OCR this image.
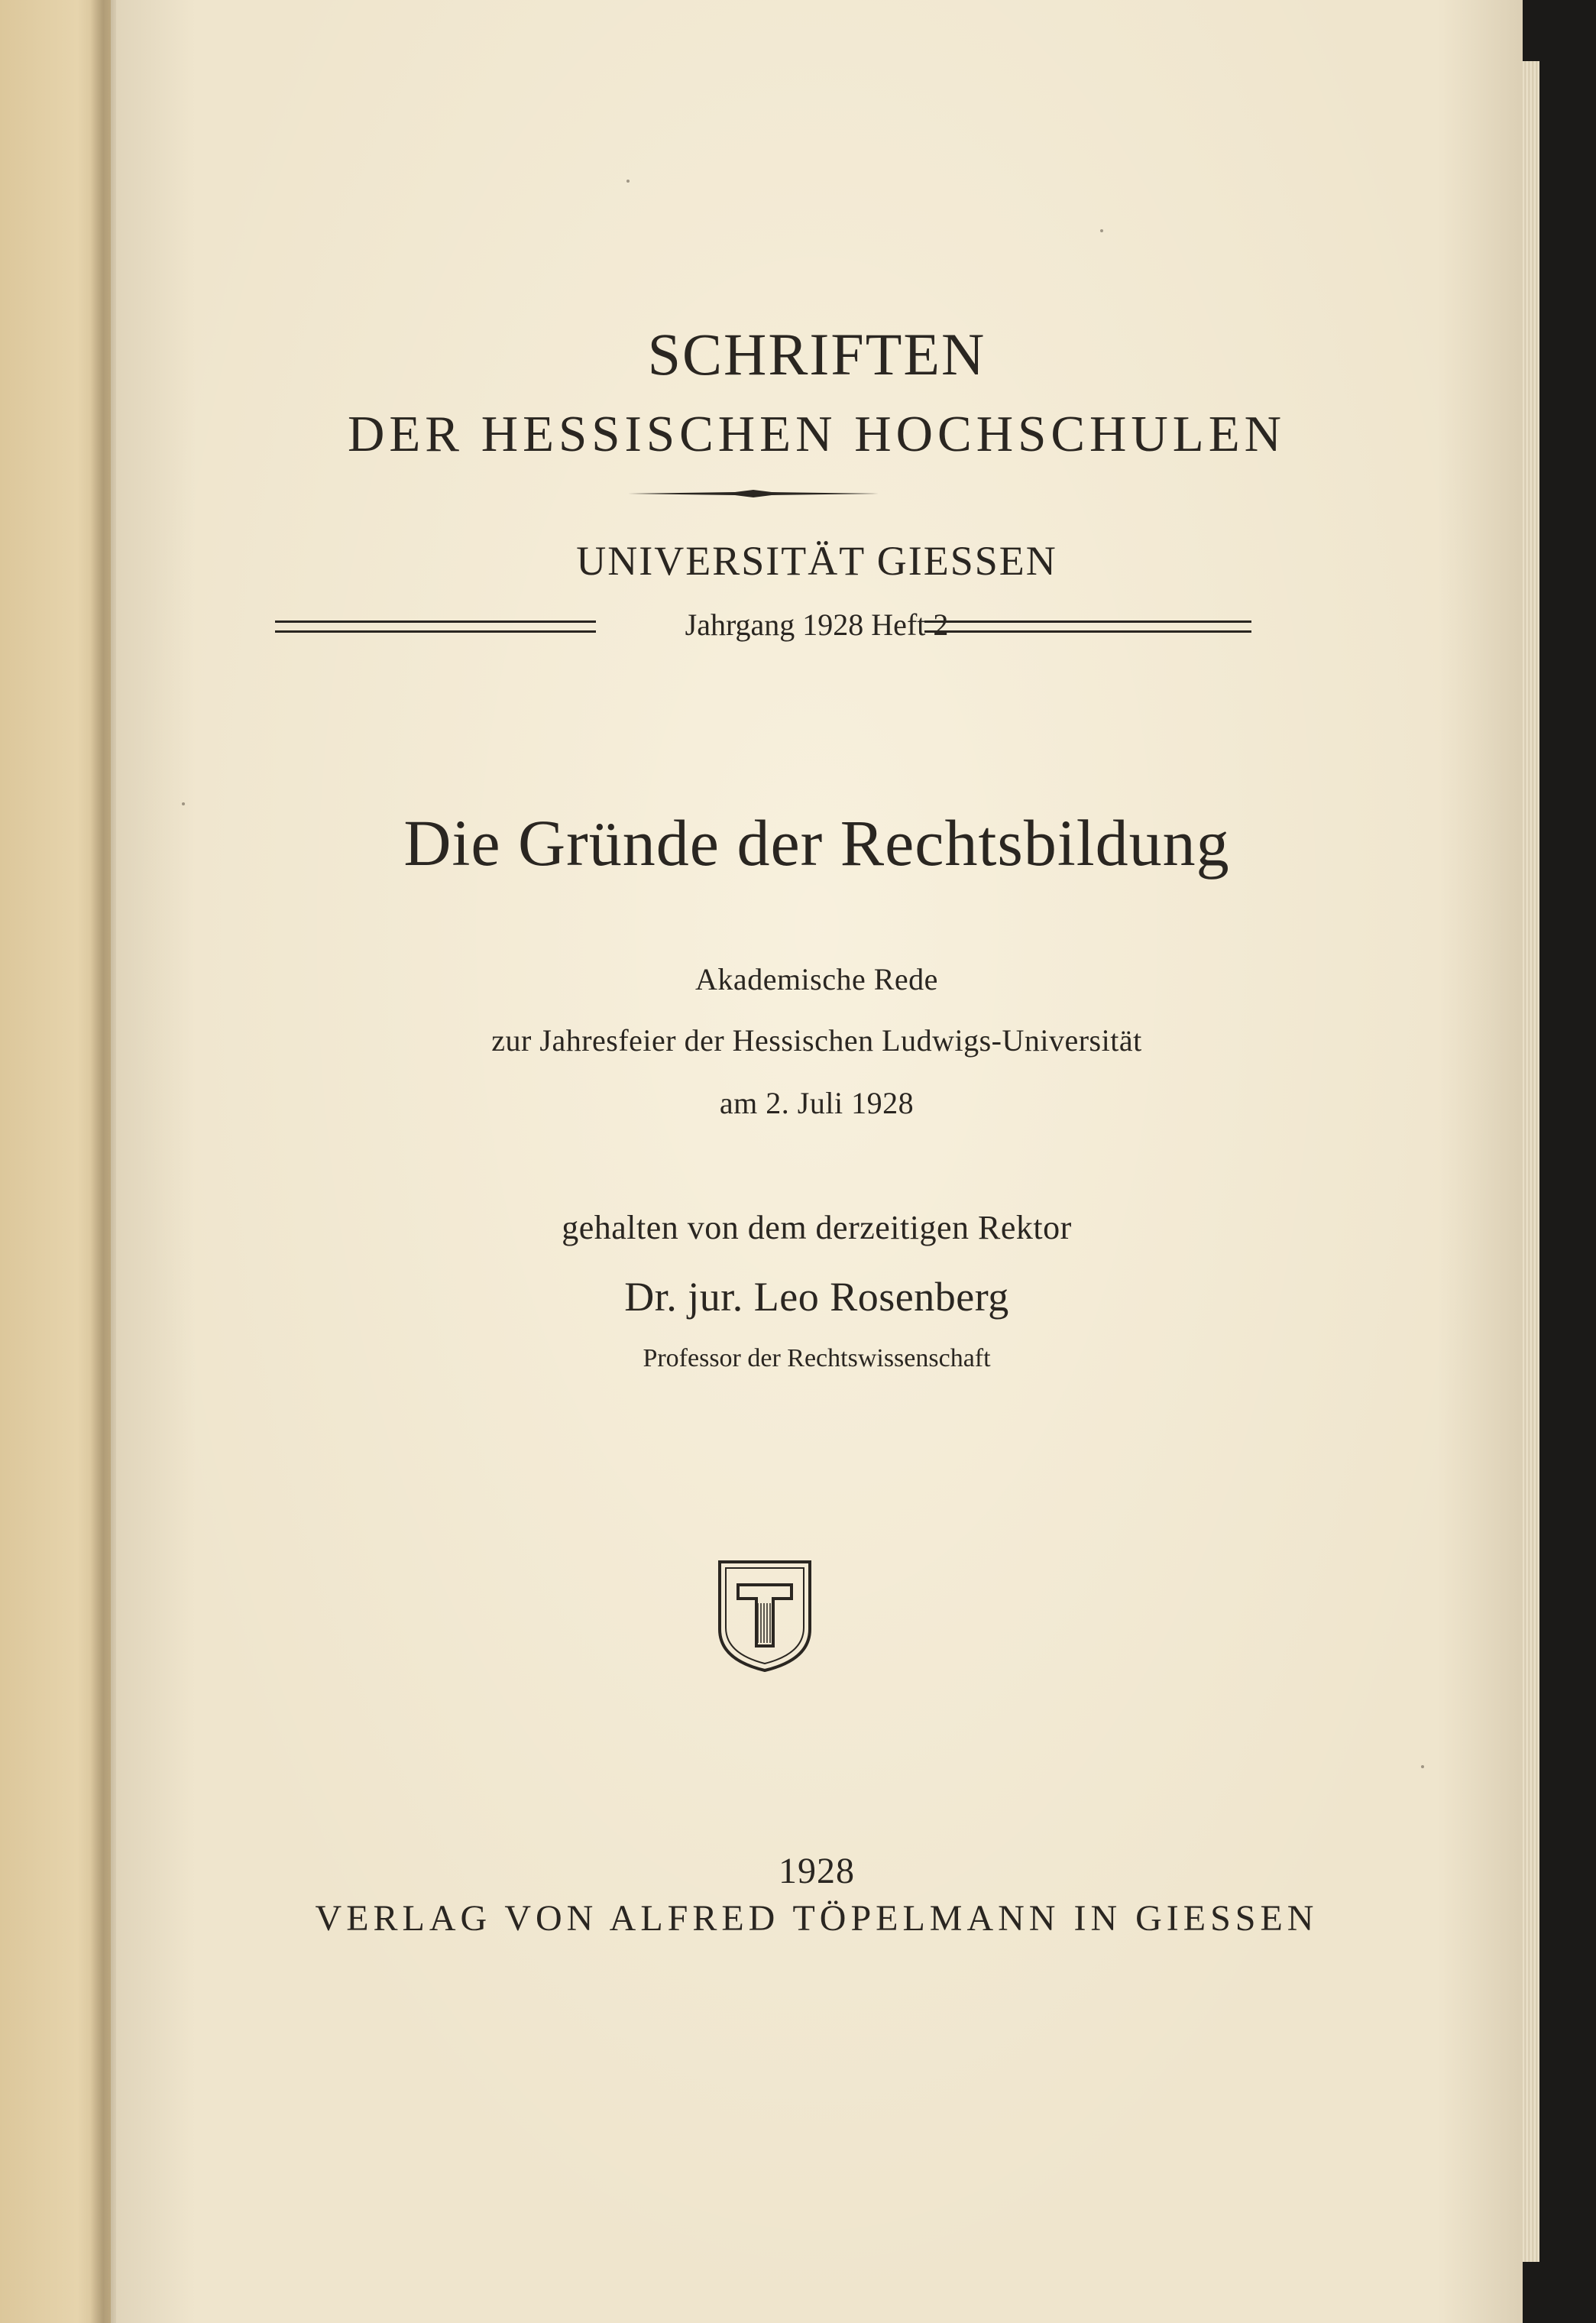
SCHRIFTEN
DER HESSISCHEN HOCHSCHULEN
UNIVERSITÄT GIESSEN
Jahrgang 1928 Heft 2
Die Gründe der Rechtsbildung
Akademische Rede
zur Jahresfeier der Hessischen Ludwigs-Universität
am 2. Juli 1928
gehalten von dem derzeitigen Rektor
Dr. jur. Leo Rosenberg
Professor der Rechtswissenschaft
1928
VERLAG VON ALFRED TÖPELMANN IN GIESSEN
